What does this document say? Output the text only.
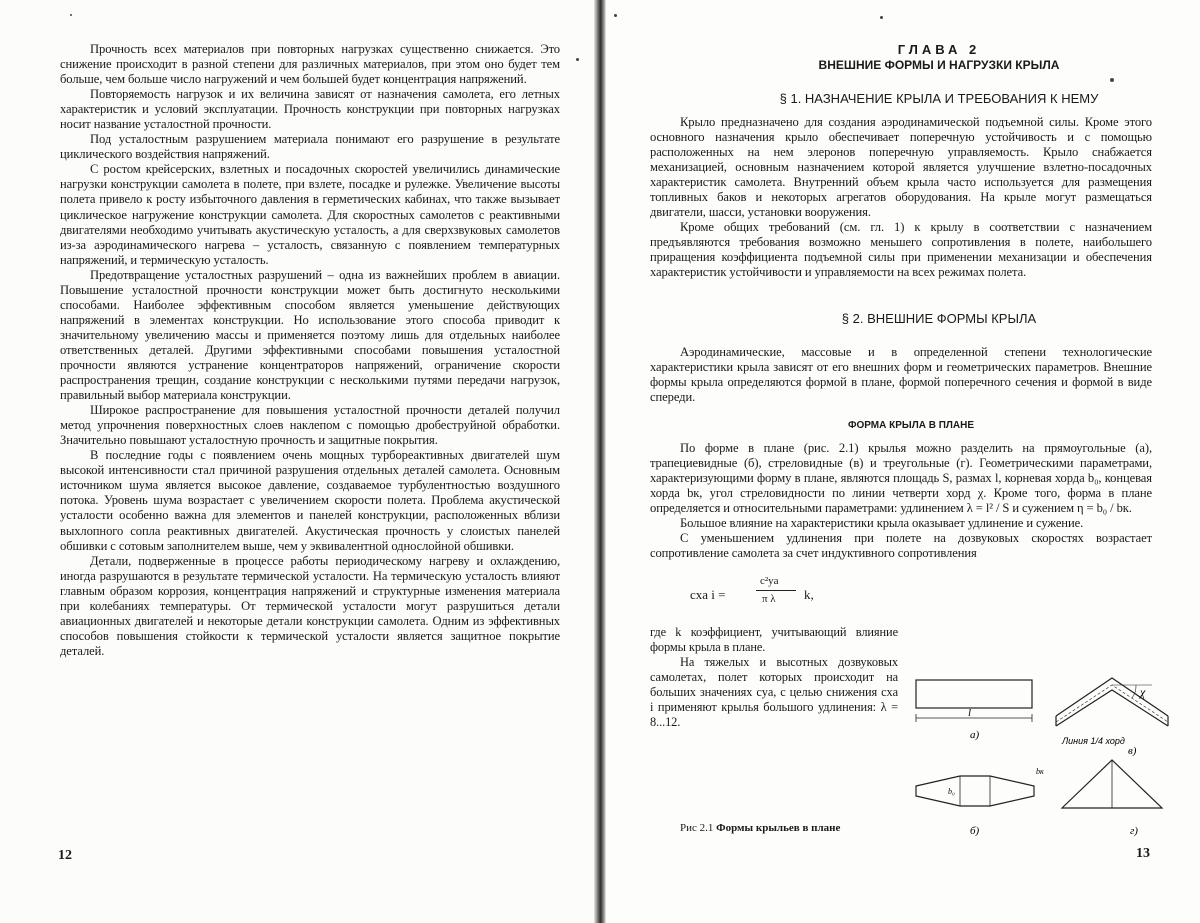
Прочность всех материалов при повторных нагрузках существенно снижается. Это снижение происходит в разной степени для различных материалов, при этом оно будет тем больше, чем больше число нагружений и чем большей будет концентрация напряжений.

Повторяемость нагрузок и их величина зависят от назначения самолета, его летных характеристик и условий эксплуатации. Прочность конструкции при повторных нагрузках носит название усталостной прочности.

Под усталостным разрушением материала понимают его разрушение в результате циклического воздействия напряжений.

С ростом крейсерских, взлетных и посадочных скоростей увеличились динамические нагрузки конструкции самолета в полете, при взлете, посадке и рулежке. Увеличение высоты полета привело к росту избыточного давления в герметических кабинах, что также вызывает циклическое нагружение конструкции самолета. Для скоростных самолетов с реактивными двигателями необходимо учитывать акустическую усталость, а для сверхзвуковых самолетов из-за аэродинамического нагрева – усталость, связанную с появлением температурных напряжений, и термическую усталость.

Предотвращение усталостных разрушений – одна из важнейших проблем в авиации. Повышение усталостной прочности конструкции может быть достигнуто несколькими способами. Наиболее эффективным способом является уменьшение действующих напряжений в элементах конструкции. Но использование этого способа приводит к значительному увеличению массы и применяется поэтому лишь для отдельных наиболее ответственных деталей. Другими эффективными способами повышения усталостной прочности являются устранение концентраторов напряжений, ограничение скорости распространения трещин, создание конструкции с несколькими путями передачи нагрузок, правильный выбор материала конструкции.

Широкое распространение для повышения усталостной прочности деталей получил метод упрочнения поверхностных слоев наклепом с помощью дробеструйной обработки. Значительно повышают усталостную прочность и защитные покрытия.

В последние годы с появлением очень мощных турбореактивных двигателей шум высокой интенсивности стал причиной разрушения отдельных деталей самолета. Основным источником шума является высокое давление, создаваемое турбулентностью воздушного потока. Уровень шума возрастает с увеличением скорости полета. Проблема акустической усталости особенно важна для элементов и панелей конструкции, расположенных вблизи выхлопного сопла реактивных двигателей. Акустическая прочность у слоистых панелей обшивки с сотовым заполнителем выше, чем у эквивалентной однослойной обшивки.

Детали, подверженные в процессе работы периодическому нагреву и охлаждению, иногда разрушаются в результате термической усталости. На термическую усталость влияют главным образом коррозия, концентрация напряжений и структурные изменения материала при колебаниях температуры. От термической усталости могут разрушиться детали авиационных двигателей и некоторые детали конструкции самолета. Одним из эффективных способов повышения стойкости к термической усталости является защитное покрытие деталей.

12
ГЛАВА 2
ВНЕШНИЕ ФОРМЫ И НАГРУЗКИ КРЫЛА
§ 1. НАЗНАЧЕНИЕ КРЫЛА И ТРЕБОВАНИЯ К НЕМУ

Крыло предназначено для создания аэродинамической подъемной силы. Кроме этого основного назначения крыло обеспечивает поперечную устойчивость и с помощью расположенных на нем элеронов поперечную управляемость. Крыло снабжается механизацией, основным назначением которой является улучшение взлетно-посадочных характеристик самолета. Внутренний объем крыла часто используется для размещения топливных баков и некоторых агрегатов оборудования. На крыле могут размещаться двигатели, шасси, установки вооружения.

Кроме общих требований (см. гл. 1) к крылу в соответствии с назначением предъявляются требования возможно меньшего сопротивления в полете, наибольшего приращения коэффициента подъемной силы при применении механизации и обеспечения характеристик устойчивости и управляемости на всех режимах полета.

§ 2. ВНЕШНИЕ ФОРМЫ КРЫЛА

Аэродинамические, массовые и в определенной степени технологические характеристики крыла зависят от его внешних форм и геометрических параметров. Внешние формы крыла определяются формой в плане, формой поперечного сечения и формой в виде спереди.

ФОРМА КРЫЛА В ПЛАНЕ

По форме в плане (рис. 2.1) крылья можно разделить на прямоугольные (а), трапециевидные (б), стреловидные (в) и треугольные (г). Геометрическими параметрами, характеризующими форму в плане, являются площадь S, размах l, корневая хорда b₀, концевая хорда bк, угол стреловидности по линии четверти хорд χ. Кроме того, форма в плане определяется и относительными параметрами: удлинением λ = l² / S и сужением η = b₀ / bк.

Большое влияние на характеристики крыла оказывает удлинение и сужение.

С уменьшением удлинения при полете на дозвуковых скоростях возрастает сопротивление самолета за счет индуктивного сопротивления

cxa i =
c²ya
π λ k,

где k коэффициент, учитывающий влияние формы крыла в плане.

На тяжелых и высотных дозвуковых самолетах, полет которых происходит на больших значениях cya, с целью снижения cxa i применяют крылья большого удлинения: λ = 8...12.

l
а)
χ
Линия 1/4 хорд
в)
b₀
bк
б)	г)
Рис 2.1 Формы крыльев в плане
13
